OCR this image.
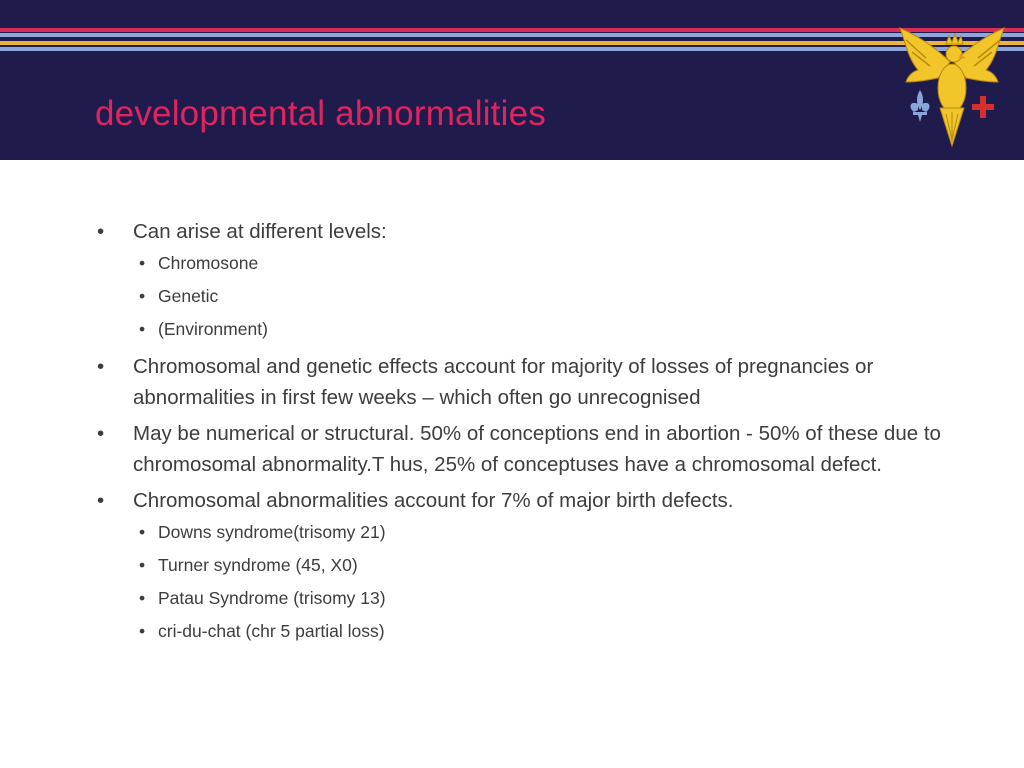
developmental abnormalities
• Can arise at different levels:
• Chromosone
• Genetic
• (Environment)
• Chromosomal and genetic effects account for majority of losses of pregnancies or abnormalities in first few weeks – which often go unrecognised
• May be numerical or structural. 50% of conceptions end in abortion - 50% of these due to chromosomal abnormality.T hus, 25% of conceptuses have a chromosomal defect.
• Chromosomal abnormalities account for 7% of major birth defects.
• Downs syndrome(trisomy 21)
• Turner syndrome (45, X0)
• Patau Syndrome (trisomy 13)
• cri-du-chat (chr 5 partial loss)
